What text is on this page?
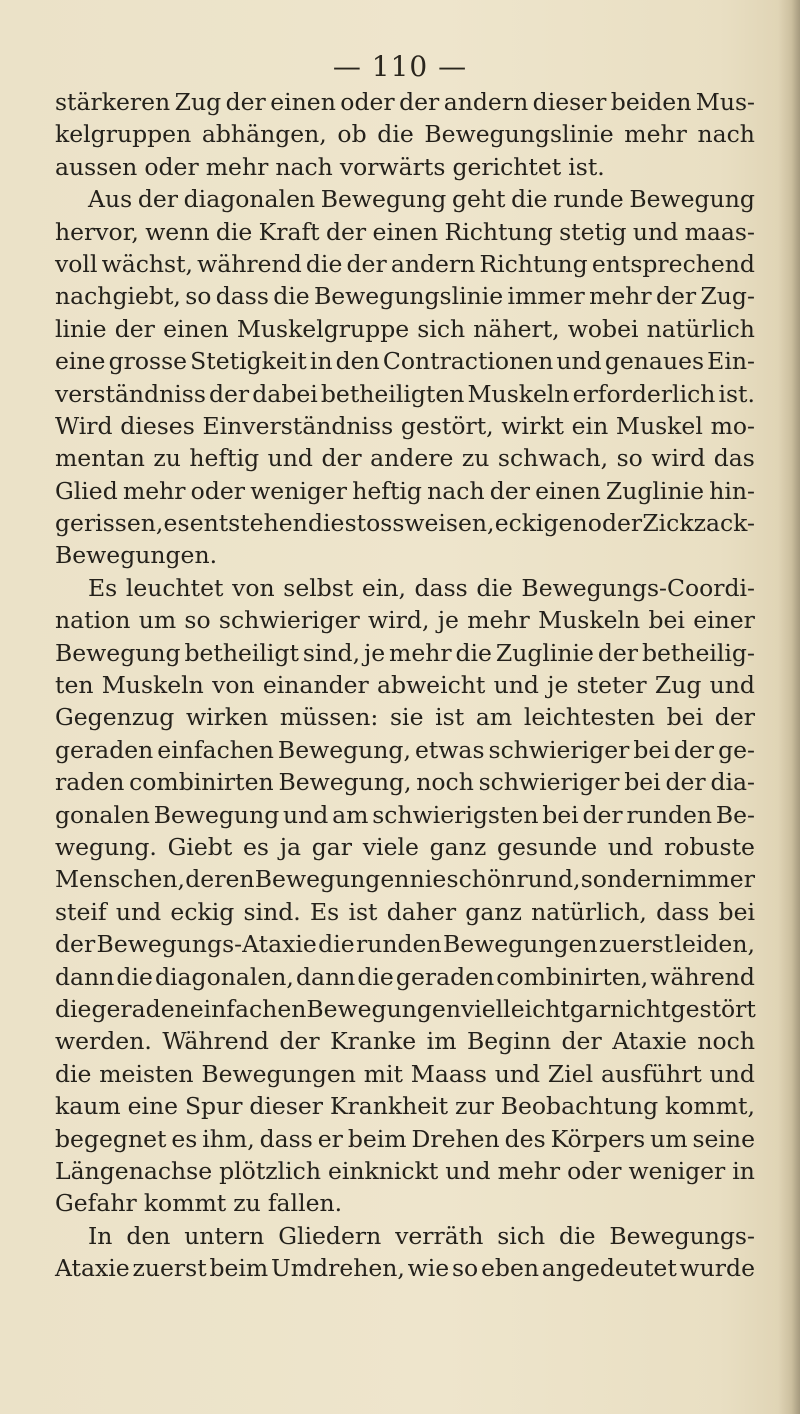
— 110 —
stärkeren Zug der einen oder der andern dieser beiden Mus-
kelgruppen abhängen, ob die Bewegungslinie mehr nach
aussen oder mehr nach vorwärts gerichtet ist.
Aus der diagonalen Bewegung geht die runde Bewegung
hervor, wenn die Kraft der einen Richtung stetig und maas-
voll wächst, während die der andern Richtung entsprechend
nachgiebt, so dass die Bewegungslinie immer mehr der Zug-
linie der einen Muskelgruppe sich nähert, wobei natürlich
eine grosse Stetigkeit in den Contractionen und genaues Ein-
verständniss der dabei betheiligten Muskeln erforderlich ist.
Wird dieses Einverständniss gestört, wirkt ein Muskel mo-
mentan zu heftig und der andere zu schwach, so wird das
Glied mehr oder weniger heftig nach der einen Zuglinie hin-
gerissen, es entstehen die stossweisen, eckigen oder Zickzack-
Bewegungen.
Es leuchtet von selbst ein, dass die Bewegungs-Coordi-
nation um so schwieriger wird, je mehr Muskeln bei einer
Bewegung betheiligt sind, je mehr die Zuglinie der betheilig-
ten Muskeln von einander abweicht und je steter Zug und
Gegenzug wirken müssen: sie ist am leichtesten bei der
geraden einfachen Bewegung, etwas schwieriger bei der ge-
raden combinirten Bewegung, noch schwieriger bei der dia-
gonalen Bewegung und am schwierigsten bei der runden Be-
wegung. Giebt es ja gar viele ganz gesunde und robuste
Menschen, deren Bewegungen nie schön rund, sondern immer
steif und eckig sind. Es ist daher ganz natürlich, dass bei
der Bewegungs-Ataxie die runden Bewegungen zuerst leiden,
dann die diagonalen, dann die geraden combinirten, während
die geraden einfachen Bewegungen vielleicht gar nicht gestört
werden. Während der Kranke im Beginn der Ataxie noch
die meisten Bewegungen mit Maass und Ziel ausführt und
kaum eine Spur dieser Krankheit zur Beobachtung kommt,
begegnet es ihm, dass er beim Drehen des Körpers um seine
Längenachse plötzlich einknickt und mehr oder weniger in
Gefahr kommt zu fallen.
In den untern Gliedern verräth sich die Bewegungs-
Ataxie zuerst beim Umdrehen, wie so eben angedeutet wurde
